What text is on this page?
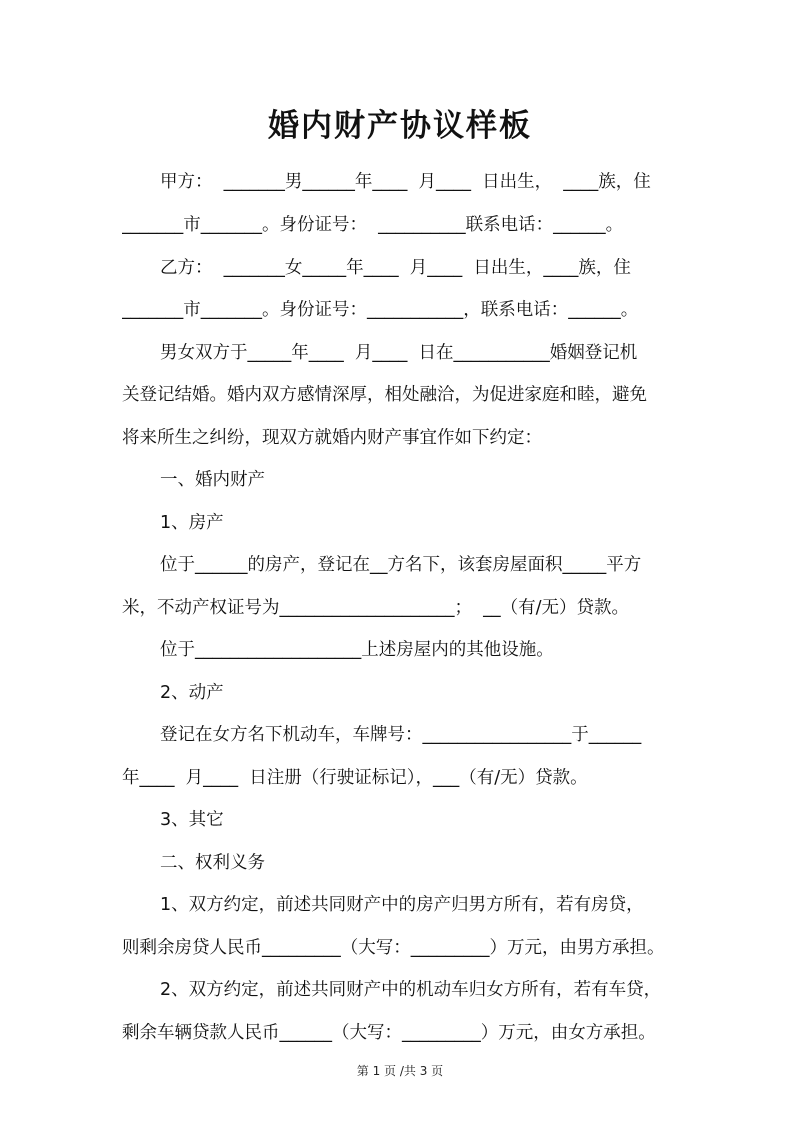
婚内财产协议样板
甲方：  _______男______年____  月____  日出生，  ____族，住
_______市_______。身份证号：  __________联系电话：______。
乙方：  _______女_____年____  月____  日出生，____族，住
_______市_______。身份证号：___________，联系电话：______。
男女双方于_____年____  月____  日在___________婚姻登记机
关登记结婚。婚内双方感情深厚，相处融洽，为促进家庭和睦，避免
将来所生之纠纷，现双方就婚内财产事宜作如下约定：
一、婚内财产
1、房产
位于______的房产，登记在__方名下，该套房屋面积_____平方
米，不动产权证号为____________________；  __（有/无）贷款。
位于___________________上述房屋内的其他设施。
2、动产
登记在女方名下机动车，车牌号：_________________于______
年____  月____  日注册（行驶证标记），___（有/无）贷款。
3、其它
二、权利义务
1、双方约定，前述共同财产中的房产归男方所有，若有房贷，
则剩余房贷人民币_________（大写：_________）万元，由男方承担。
2、双方约定，前述共同财产中的机动车归女方所有，若有车贷，
剩余车辆贷款人民币______（大写：_________）万元，由女方承担。
第 1 页 /共 3 页
